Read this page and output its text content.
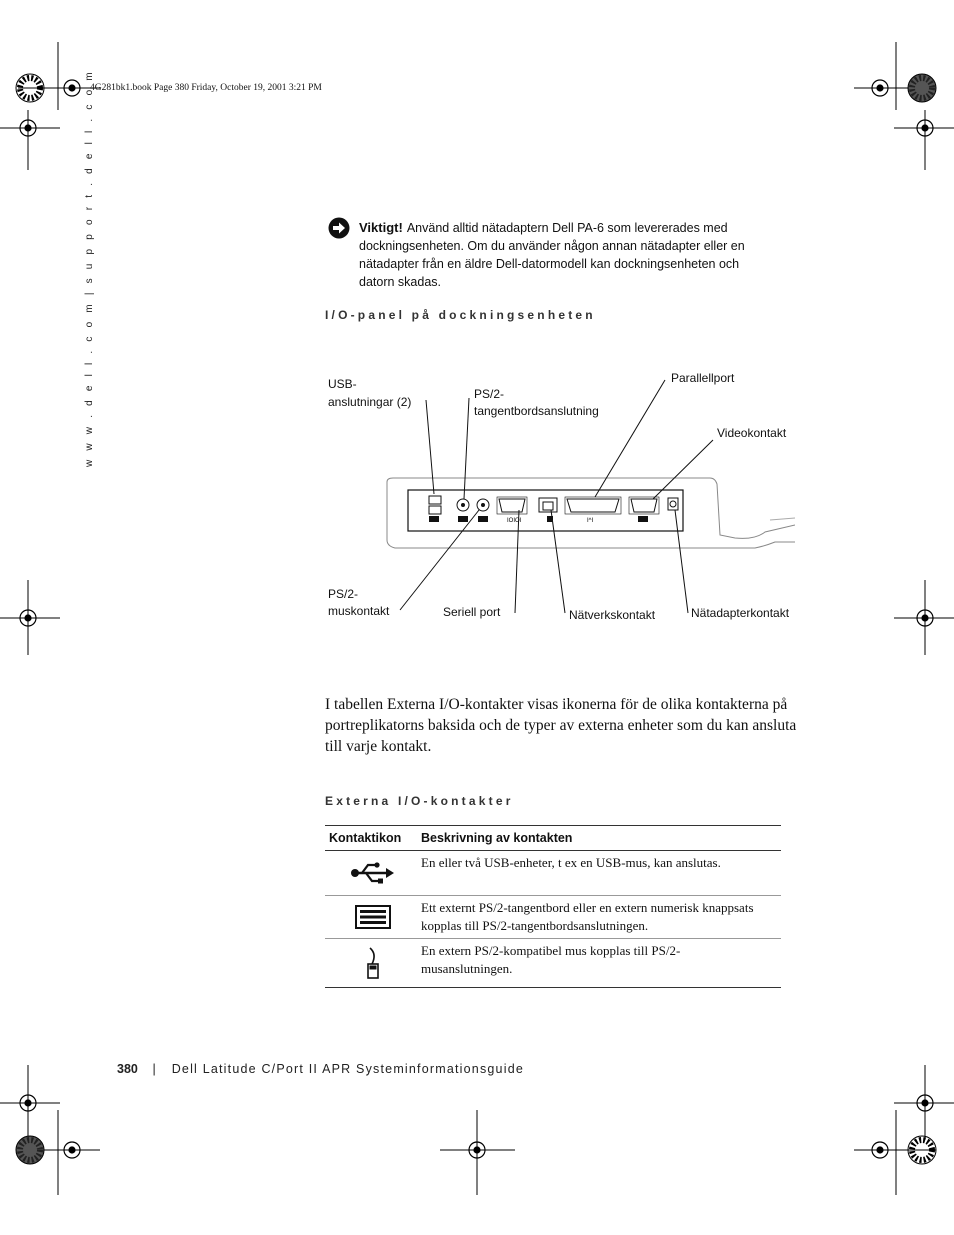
4G281bk1.book Page 380 Friday, October 19, 2001 3:21 PM
w w w . d e l l . c o m | s u p p o r t . d e l l . c o m	Viktigt! Använd alltid nätadaptern Dell PA-6 som levererades med dockningsenheten. Om du använder någon annan nätadapter eller en nätadapter från en äldre Dell-datormodell kan dockningsenheten och datorn skadas.
I/O-panel på dockningsenheten
IOIOI	I^I
USB-
anslutningar (2)
PS/2-
tangentbordsanslutning
Parallellport
Videokontakt
PS/2-
muskontakt	Seriell port	Nätverkskontakt	Nätadapterkontakt
I tabellen Externa I/O-kontakter visas ikonerna för de olika kontakterna på portreplikatorns baksida och de typer av externa enheter som du kan ansluta till varje kontakt.
Externa I/O-kontakter
Kontaktikon	Beskrivning av kontakten
En eller två USB-enheter, t ex en USB-mus, kan anslutas.
Ett externt PS/2-tangentbord eller en extern numerisk knappsats kopplas till PS/2-tangentbordsanslutningen.
En extern PS/2-kompatibel mus kopplas till PS/2-musanslutningen.
380 | Dell Latitude C/Port II APR Systeminformationsguide
